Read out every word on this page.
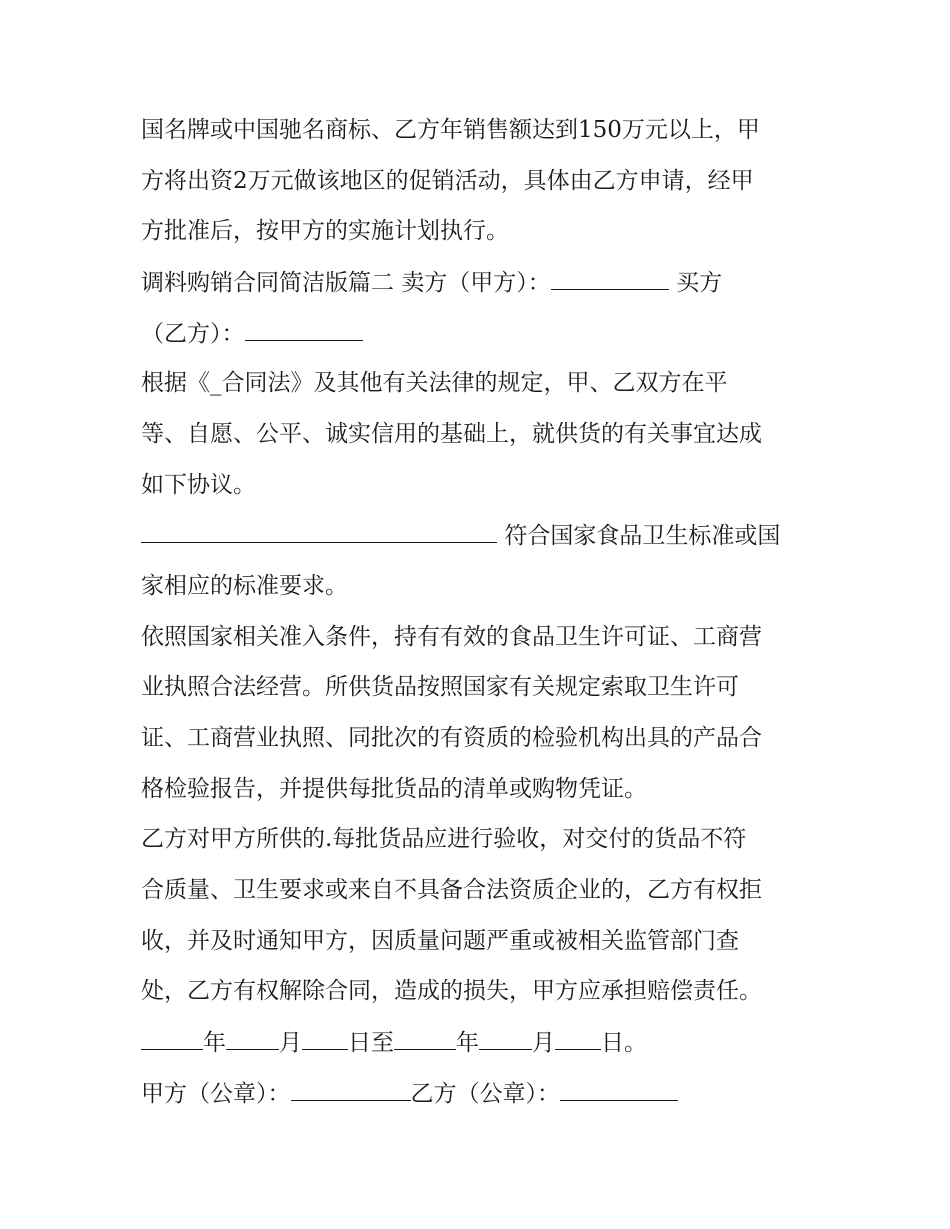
国名牌或中国驰名商标、乙方年销售额达到150万元以上，甲
方将出资2万元做该地区的促销活动，具体由乙方申请，经甲
方批准后，按甲方的实施计划执行。
调料购销合同简洁版篇二 卖方（甲方）：	买方
（乙方）：
根据《_合同法》及其他有关法律的规定，甲、乙双方在平
等、自愿、公平、诚实信用的基础上，就供货的有关事宜达成
如下协议。
符合国家食品卫生标准或国
家相应的标准要求。
依照国家相关准入条件，持有有效的食品卫生许可证、工商营
业执照合法经营。所供货品按照国家有关规定索取卫生许可
证、工商营业执照、同批次的有资质的检验机构出具的产品合
格检验报告，并提供每批货品的清单或购物凭证。
乙方对甲方所供的.每批货品应进行验收，对交付的货品不符
合质量、卫生要求或来自不具备合法资质企业的，乙方有权拒
收，并及时通知甲方，因质量问题严重或被相关监管部门查
处，乙方有权解除合同，造成的损失，甲方应承担赔偿责任。
年 月 日至	年 月 日。
甲方（公章）：	乙方（公章）：
